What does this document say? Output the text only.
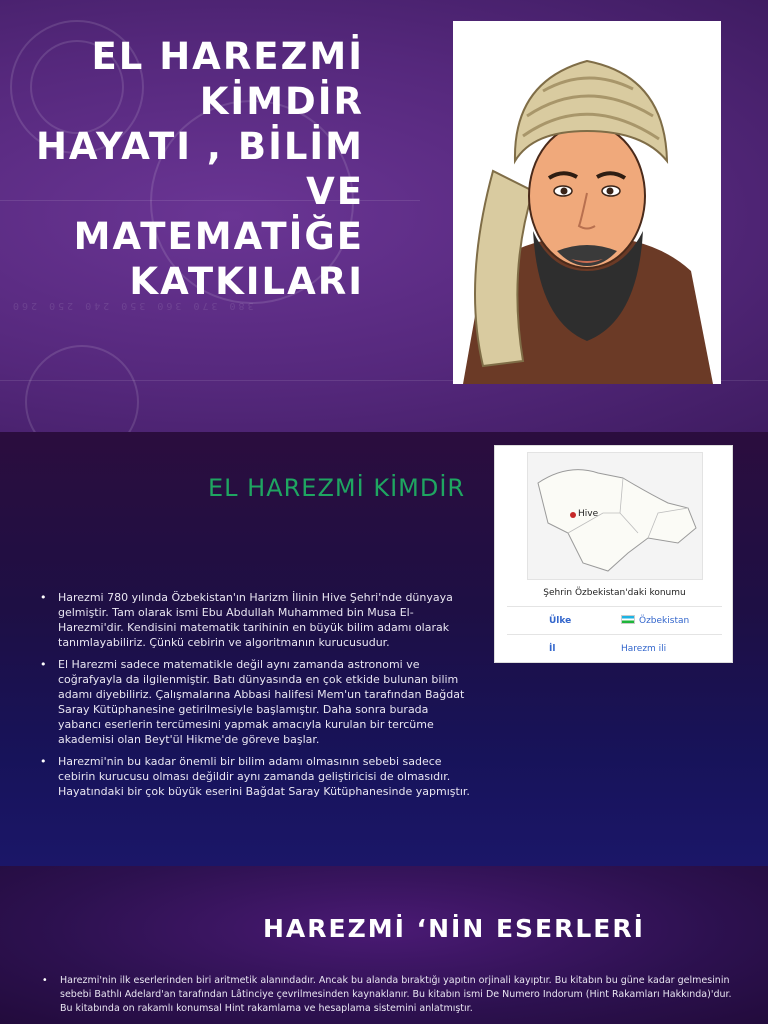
380 370 360 350 240 250 260
EL HAREZMİ
KİMDİR
HAYATI , BİLİM
VE
MATEMATİĞE
KATKILARI
EL HAREZMİ KİMDİR
• Harezmi 780 yılında Özbekistan'ın Harizm İlinin Hive Şehri'nde dünyaya gelmiştir. Tam olarak ismi Ebu Abdullah Muhammed bin Musa El-Harezmi'dir. Kendisini matematik tarihinin en büyük bilim adamı olarak tanımlayabiliriz. Çünkü cebirin ve algoritmanın kurucusudur.
• El Harezmi sadece matematikle değil aynı zamanda astronomi ve coğrafyayla da ilgilenmiştir. Batı dünyasında en çok etkide bulunan bilim adamı diyebiliriz. Çalışmalarına Abbasi halifesi Mem'un tarafından Bağdat Saray Kütüphanesine getirilmesiyle başlamıştır. Daha sonra burada yabancı eserlerin tercümesini yapmak amacıyla kurulan bir tercüme akademisi olan Beyt'ül Hikme'de göreve başlar.
• Harezmi'nin bu kadar önemli bir bilim adamı olmasının sebebi sadece cebirin kurucusu olması değildir aynı zamanda geliştiricisi de olmasıdır. Hayatındaki bir çok büyük eserini Bağdat Saray Kütüphanesinde yapmıştır.
Hive
Şehrin Özbekistan'daki konumu
Ülke	Özbekistan
İl	Harezm ili
HAREZMİ ‘NİN ESERLERİ
• Harezmi'nin ilk eserlerinden biri aritmetik alanındadır. Ancak bu alanda bıraktığı yapıtın orjinali kayıptır. Bu kitabın bu güne kadar gelmesinin sebebi Bathlı Adelard'an tarafından Lâtinciye çevrilmesinden kaynaklanır. Bu kitabın ismi De Numero Indorum (Hint Rakamları Hakkında)'dur. Bu kitabında on rakamlı konumsal Hint rakamlama ve hesaplama sistemini anlatmıştır.
